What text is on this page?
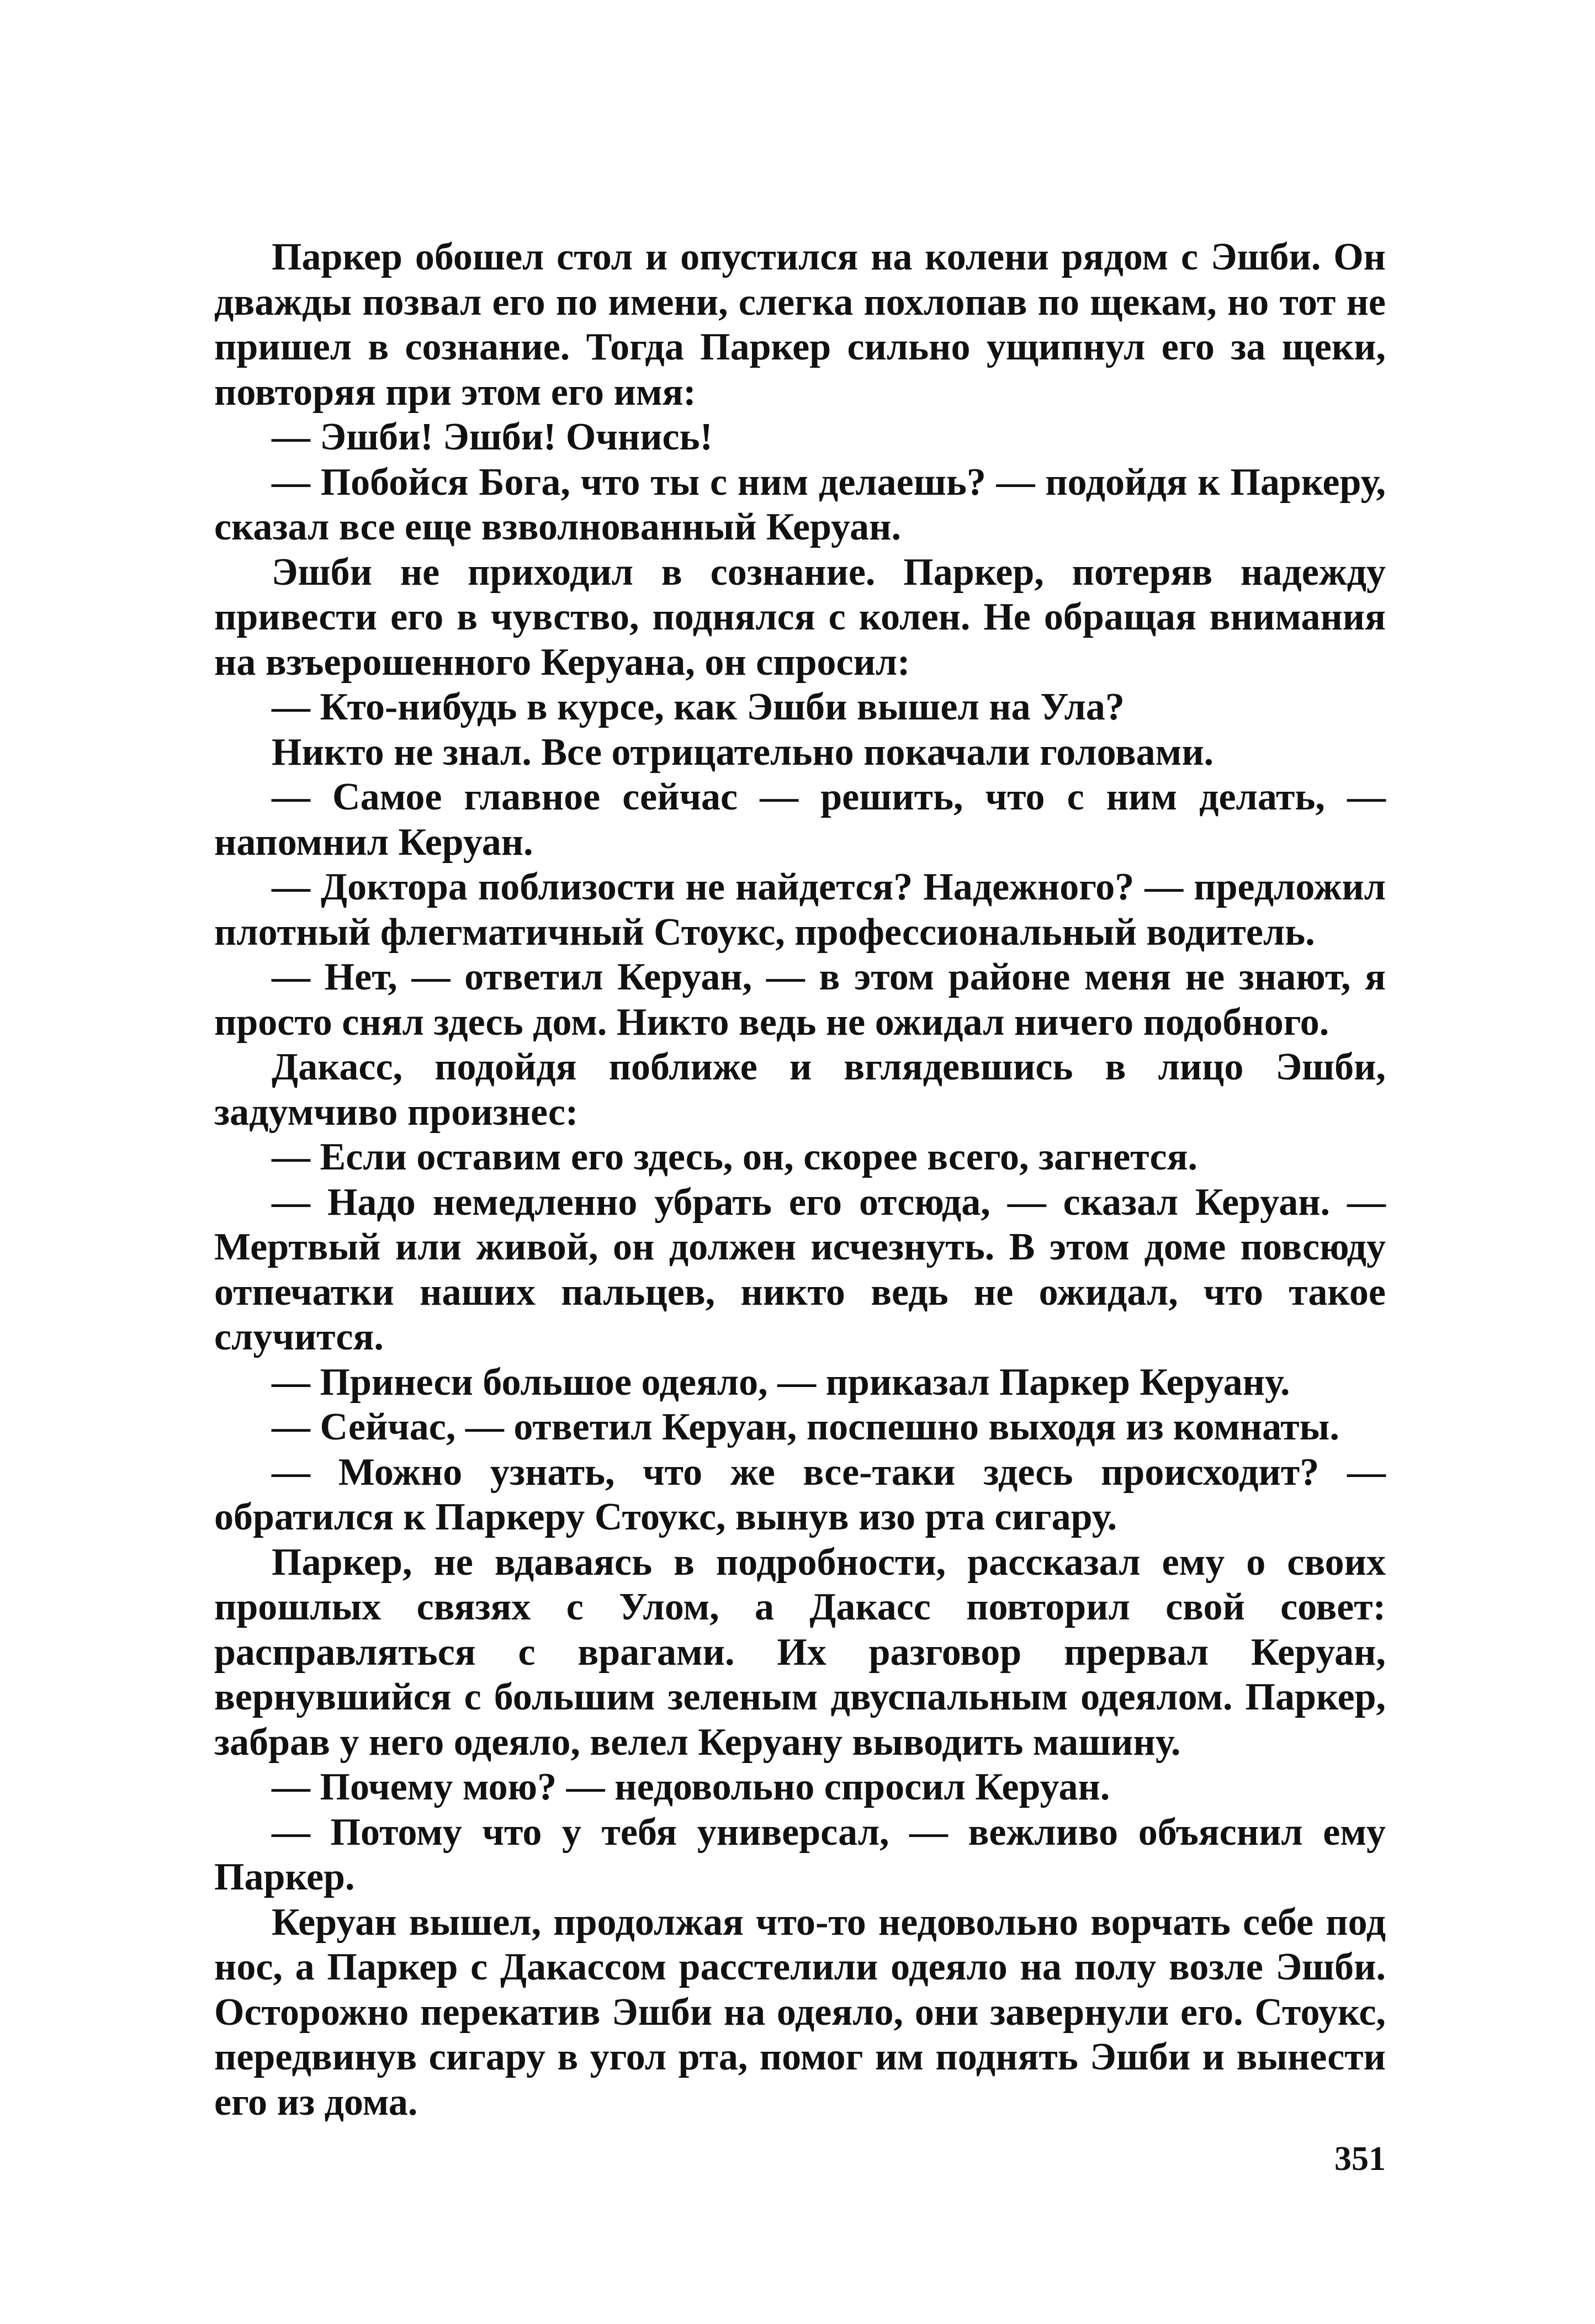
Паркер обошел стол и опустился на колени рядом с Эшби. Он дважды позвал его по имени, слегка похлопав по щекам, но тот не пришел в сознание. Тогда Паркер сильно ущипнул его за щеки, повторяя при этом его имя:

— Эшби! Эшби! Очнись!

— Побойся Бога, что ты с ним делаешь? — подойдя к Паркеру, сказал все еще взволнованный Керуан.

Эшби не приходил в сознание. Паркер, потеряв надежду привести его в чувство, поднялся с колен. Не обращая внимания на взъерошенного Керуана, он спросил:

— Кто-нибудь в курсе, как Эшби вышел на Ула?

Никто не знал. Все отрицательно покачали головами.

— Самое главное сейчас — решить, что с ним делать, — напомнил Керуан.

— Доктора поблизости не найдется? Надежного? — предложил плотный флегматичный Стоукс, профессиональный водитель.

— Нет, — ответил Керуан, — в этом районе меня не знают, я просто снял здесь дом. Никто ведь не ожидал ничего подобного.

Дакасс, подойдя поближе и вглядевшись в лицо Эшби, задумчиво произнес:

— Если оставим его здесь, он, скорее всего, загнется.

— Надо немедленно убрать его отсюда, — сказал Керуан. — Мертвый или живой, он должен исчезнуть. В этом доме повсюду отпечатки наших пальцев, никто ведь не ожидал, что такое случится.

— Принеси большое одеяло, — приказал Паркер Керуану.

— Сейчас, — ответил Керуан, поспешно выходя из комнаты.

— Можно узнать, что же все-таки здесь происходит? — обратился к Паркеру Стоукс, вынув изо рта сигару.

Паркер, не вдаваясь в подробности, рассказал ему о своих прошлых связях с Улом, а Дакасс повторил свой совет: расправляться с врагами. Их разговор прервал Керуан, вернувшийся с большим зеленым двуспальным одеялом. Паркер, забрав у него одеяло, велел Керуану выводить машину.

— Почему мою? — недовольно спросил Керуан.

— Потому что у тебя универсал, — вежливо объяснил ему Паркер.

Керуан вышел, продолжая что-то недовольно ворчать себе под нос, а Паркер с Дакассом расстелили одеяло на полу возле Эшби. Осторожно перекатив Эшби на одеяло, они завернули его. Стоукс, передвинув сигару в угол рта, помог им поднять Эшби и вынести его из дома.

351
